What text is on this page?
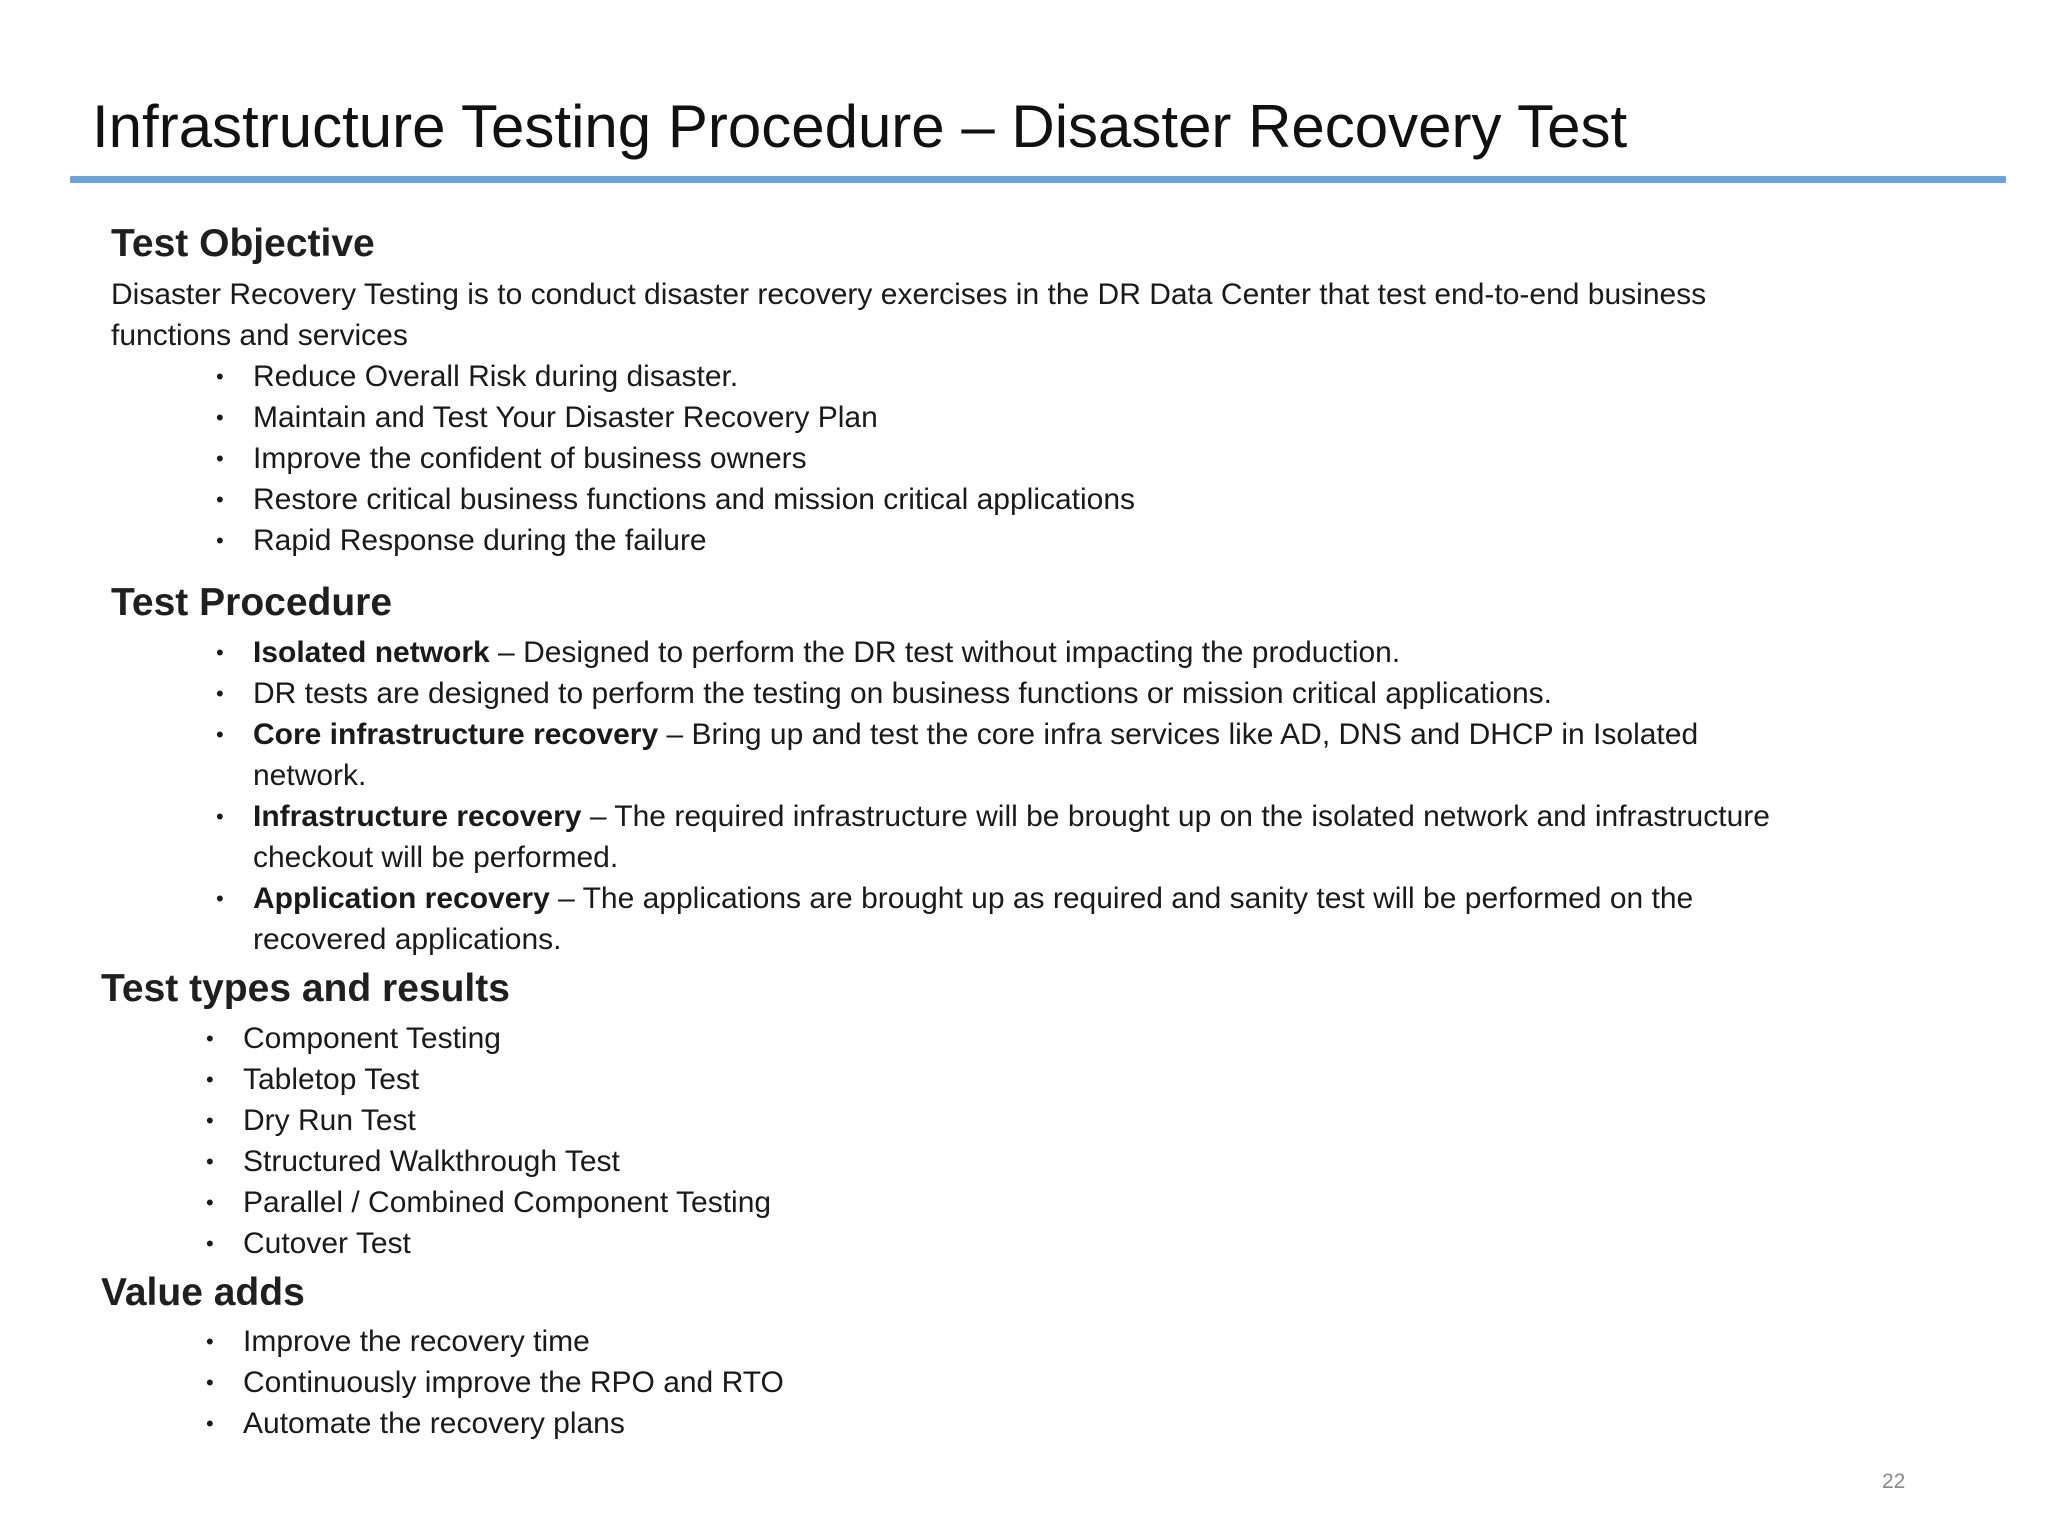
Infrastructure Testing Procedure – Disaster Recovery Test
Test Objective
Disaster Recovery Testing is to conduct disaster recovery exercises in the DR Data Center that test end-to-end business functions and services
• Reduce Overall Risk during disaster.
• Maintain and Test Your Disaster Recovery Plan
• Improve the confident of business owners
• Restore critical business functions and mission critical applications
• Rapid Response during the failure
Test Procedure
• Isolated network – Designed to perform the DR test without impacting the production.
• DR tests are designed to perform the testing on business functions or mission critical applications.
• Core infrastructure recovery – Bring up and test the core infra services like AD, DNS and DHCP in Isolated network.
• Infrastructure recovery – The required infrastructure will be brought up on the isolated network and infrastructure checkout will be performed.
• Application recovery – The applications are brought up as required and sanity test will be performed on the recovered applications.
Test types and results
• Component Testing
• Tabletop Test
• Dry Run Test
• Structured Walkthrough Test
• Parallel / Combined Component Testing
• Cutover Test
Value adds
• Improve the recovery time
• Continuously improve the RPO and RTO
• Automate the recovery plans
22
